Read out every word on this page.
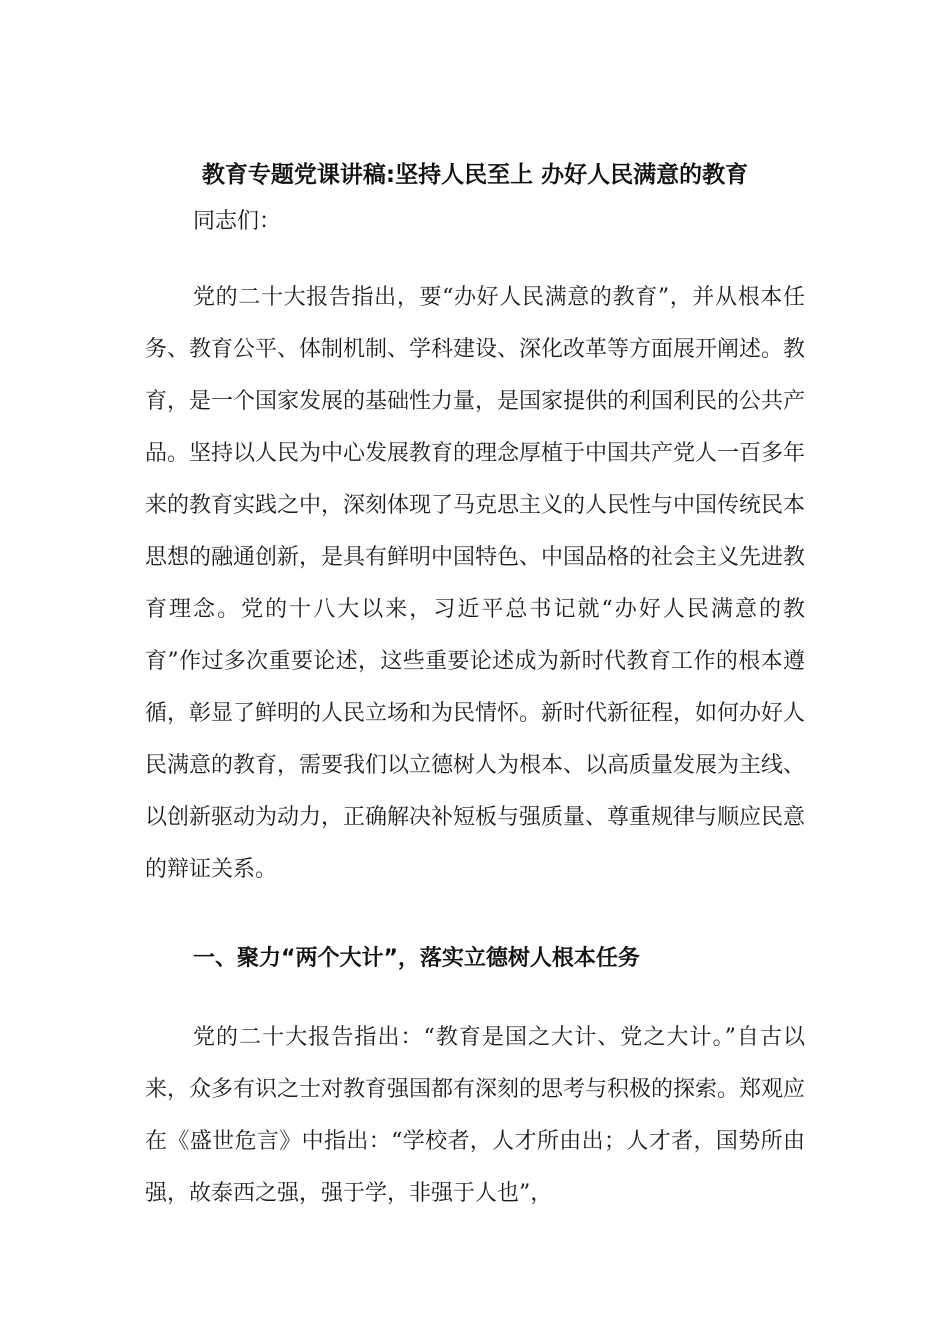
教育专题党课讲稿:坚持人民至上 办好人民满意的教育
同志们：
党的二十大报告指出，要“办好人民满意的教育”，并从根本任务、教育公平、体制机制、学科建设、深化改革等方面展开阐述。教育，是一个国家发展的基础性力量，是国家提供的利国利民的公共产品。坚持以人民为中心发展教育的理念厚植于中国共产党人一百多年来的教育实践之中，深刻体现了马克思主义的人民性与中国传统民本思想的融通创新，是具有鲜明中国特色、中国品格的社会主义先进教育理念。党的十八大以来，习近平总书记就“办好人民满意的教育”作过多次重要论述，这些重要论述成为新时代教育工作的根本遵循，彰显了鲜明的人民立场和为民情怀。新时代新征程，如何办好人民满意的教育，需要我们以立德树人为根本、以高质量发展为主线、以创新驱动为动力，正确解决补短板与强质量、尊重规律与顺应民意的辩证关系。
一、聚力“两个大计”，落实立德树人根本任务
党的二十大报告指出：“教育是国之大计、党之大计。”自古以来，众多有识之士对教育强国都有深刻的思考与积极的探索。郑观应在《盛世危言》中指出：“学校者，人才所由出；人才者，国势所由强，故泰西之强，强于学，非强于人也”，
